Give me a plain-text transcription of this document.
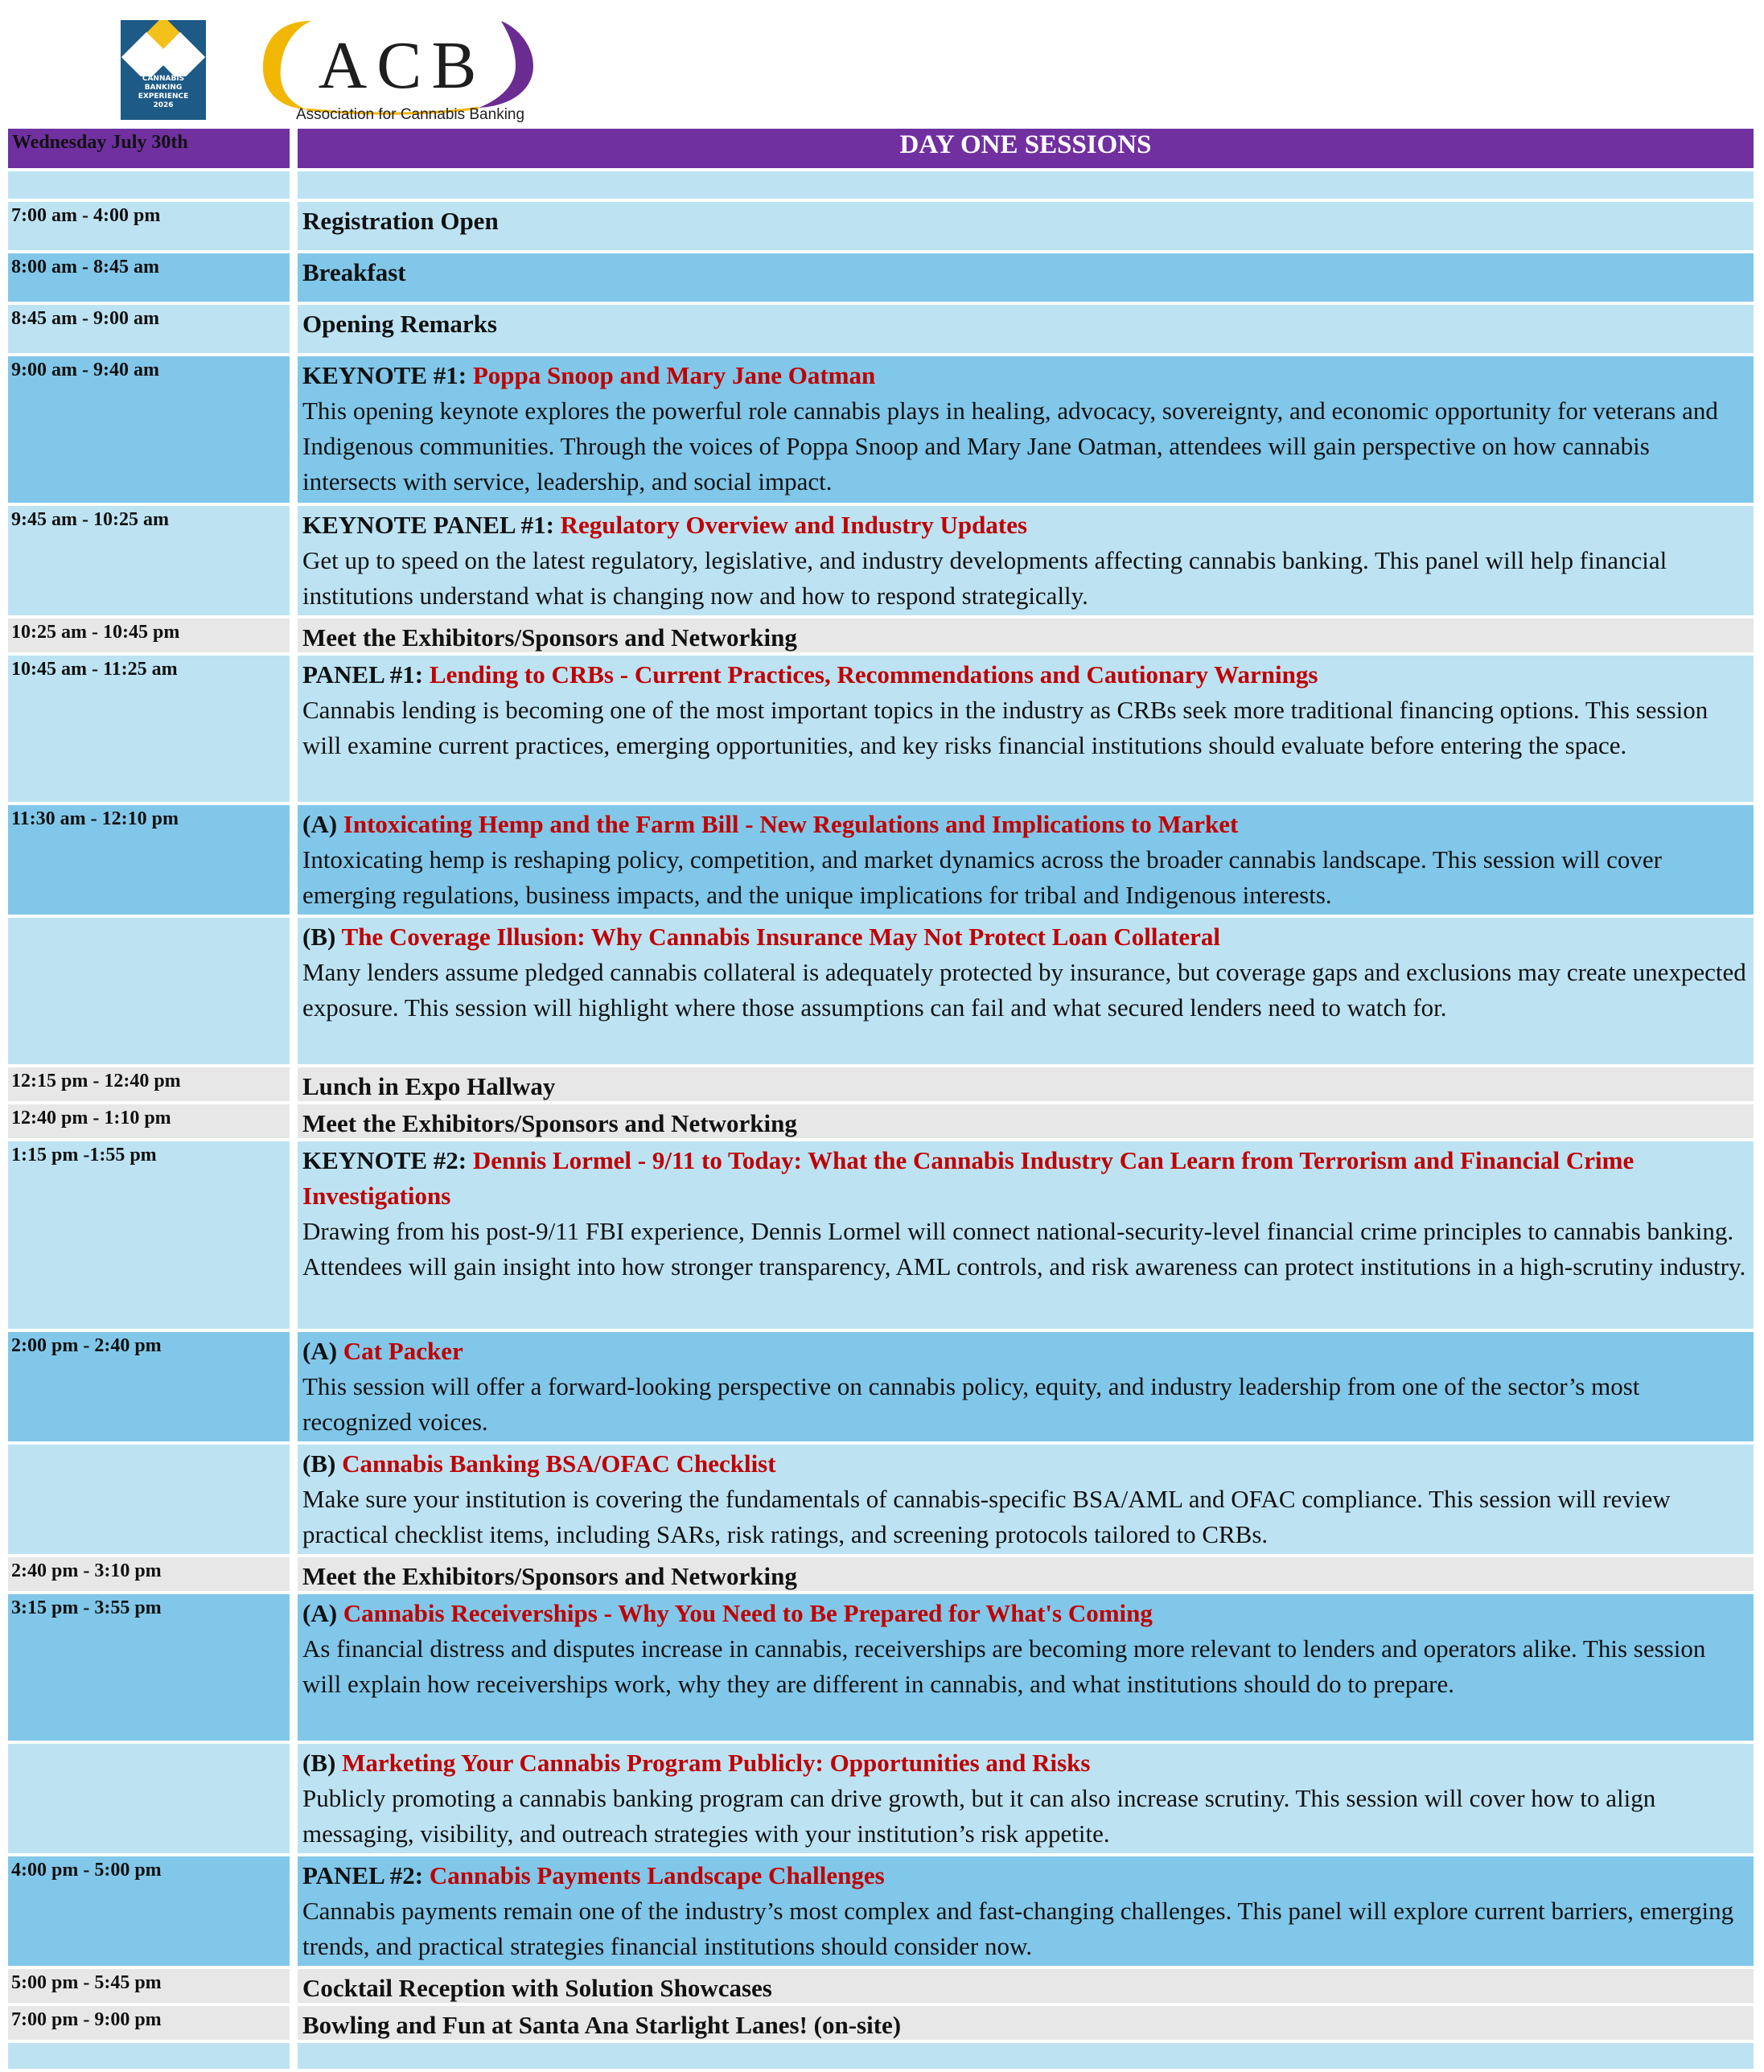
CANNABIS
BANKING
EXPERIENCE
2026
ACB
Association for Cannabis Banking
Wednesday July 30th	DAY ONE SESSIONS
7:00 am - 4:00 pm	Registration Open
8:00 am - 8:45 am	Breakfast
8:45 am - 9:00 am	Opening Remarks
9:00 am - 9:40 am	KEYNOTE #1: Poppa Snoop and Mary Jane Oatman
This opening keynote explores the powerful role cannabis plays in healing, advocacy, sovereignty, and economic opportunity for veterans and Indigenous communities. Through the voices of Poppa Snoop and Mary Jane Oatman, attendees will gain perspective on how cannabis intersects with service, leadership, and social impact.
9:45 am - 10:25 am	KEYNOTE PANEL #1: Regulatory Overview and Industry Updates
Get up to speed on the latest regulatory, legislative, and industry developments affecting cannabis banking. This panel will help financial institutions understand what is changing now and how to respond strategically.
10:25 am - 10:45 pm	Meet the Exhibitors/Sponsors and Networking
10:45 am - 11:25 am	PANEL #1: Lending to CRBs - Current Practices, Recommendations and Cautionary Warnings
Cannabis lending is becoming one of the most important topics in the industry as CRBs seek more traditional financing options. This session will examine current practices, emerging opportunities, and key risks financial institutions should evaluate before entering the space.
11:30 am - 12:10 pm	(A) Intoxicating Hemp and the Farm Bill - New Regulations and Implications to Market
Intoxicating hemp is reshaping policy, competition, and market dynamics across the broader cannabis landscape. This session will cover emerging regulations, business impacts, and the unique implications for tribal and Indigenous interests.
(B) The Coverage Illusion: Why Cannabis Insurance May Not Protect Loan Collateral
Many lenders assume pledged cannabis collateral is adequately protected by insurance, but coverage gaps and exclusions may create unexpected exposure. This session will highlight where those assumptions can fail and what secured lenders need to watch for.
12:15 pm - 12:40 pm	Lunch in Expo Hallway
12:40 pm - 1:10 pm	Meet the Exhibitors/Sponsors and Networking
1:15 pm -1:55 pm	KEYNOTE #2: Dennis Lormel - 9/11 to Today: What the Cannabis Industry Can Learn from Terrorism and Financial Crime Investigations
Drawing from his post-9/11 FBI experience, Dennis Lormel will connect national-security-level financial crime principles to cannabis banking. Attendees will gain insight into how stronger transparency, AML controls, and risk awareness can protect institutions in a high-scrutiny industry.
2:00 pm - 2:40 pm	(A) Cat Packer
This session will offer a forward-looking perspective on cannabis policy, equity, and industry leadership from one of the sector’s most recognized voices.
(B) Cannabis Banking BSA/OFAC Checklist
Make sure your institution is covering the fundamentals of cannabis-specific BSA/AML and OFAC compliance. This session will review practical checklist items, including SARs, risk ratings, and screening protocols tailored to CRBs.
2:40 pm - 3:10 pm	Meet the Exhibitors/Sponsors and Networking
3:15 pm - 3:55 pm	(A) Cannabis Receiverships - Why You Need to Be Prepared for What's Coming
As financial distress and disputes increase in cannabis, receiverships are becoming more relevant to lenders and operators alike. This session will explain how receiverships work, why they are different in cannabis, and what institutions should do to prepare.
(B) Marketing Your Cannabis Program Publicly: Opportunities and Risks
Publicly promoting a cannabis banking program can drive growth, but it can also increase scrutiny. This session will cover how to align messaging, visibility, and outreach strategies with your institution’s risk appetite.
4:00 pm - 5:00 pm	PANEL #2: Cannabis Payments Landscape Challenges
Cannabis payments remain one of the industry’s most complex and fast-changing challenges. This panel will explore current barriers, emerging trends, and practical strategies financial institutions should consider now.
5:00 pm - 5:45 pm	Cocktail Reception with Solution Showcases
7:00 pm - 9:00 pm	Bowling and Fun at Santa Ana Starlight Lanes! (on-site)
